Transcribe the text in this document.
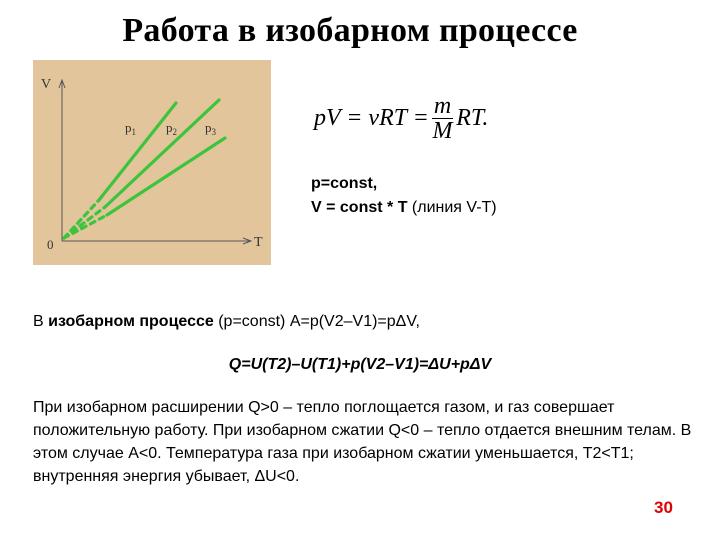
Работа в изобарном процессе
V
T
0
$p_1$ $p_2$ $p_3$
pV = $\nu RT = \frac{m}{M}$ RT.
p=const,
V = const * T (линия V-T)
В изобарном процессе (p=const) A=p(V2–V1)=pΔV,
Q=U(T2)–U(T1)+p(V2–V1)=ΔU+pΔV
При изобарном расширении Q>0 – тепло поглощается газом, и газ совершает положительную работу. При изобарном сжатии Q<0 – тепло отдается внешним телам. В этом случае A<0. Температура газа при изобарном сжатии уменьшается, T2<T1; внутренняя энергия убывает, ΔU<0.
30
